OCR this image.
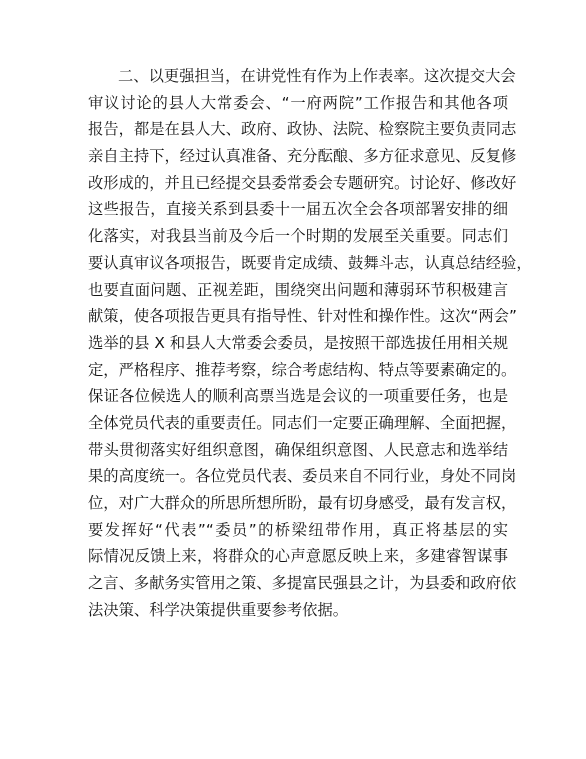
二、以更强担当，在讲党性有作为上作表率。这次提交大会
审议讨论的县人大常委会、“一府两院”工作报告和其他各项
报告，都是在县人大、政府、政协、法院、检察院主要负责同志
亲自主持下，经过认真准备、充分酝酿、多方征求意见、反复修
改形成的，并且已经提交县委常委会专题研究。讨论好、修改好
这些报告，直接关系到县委十一届五次全会各项部署安排的细
化落实，对我县当前及今后一个时期的发展至关重要。同志们
要认真审议各项报告，既要肯定成绩、鼓舞斗志，认真总结经验，
也要直面问题、正视差距，围绕突出问题和薄弱环节积极建言
献策，使各项报告更具有指导性、针对性和操作性。这次“两会”
选举的县 X 和县人大常委会委员，是按照干部选拔任用相关规
定，严格程序、推荐考察，综合考虑结构、特点等要素确定的。
保证各位候选人的顺利高票当选是会议的一项重要任务，也是
全体党员代表的重要责任。同志们一定要正确理解、全面把握，
带头贯彻落实好组织意图，确保组织意图、人民意志和选举结
果的高度统一。各位党员代表、委员来自不同行业，身处不同岗
位，对广大群众的所思所想所盼，最有切身感受，最有发言权，
要发挥好“代表”“委员”的桥梁纽带作用，真正将基层的实
际情况反馈上来，将群众的心声意愿反映上来，多建睿智谋事
之言、多献务实管用之策、多提富民强县之计，为县委和政府依
法决策、科学决策提供重要参考依据。
